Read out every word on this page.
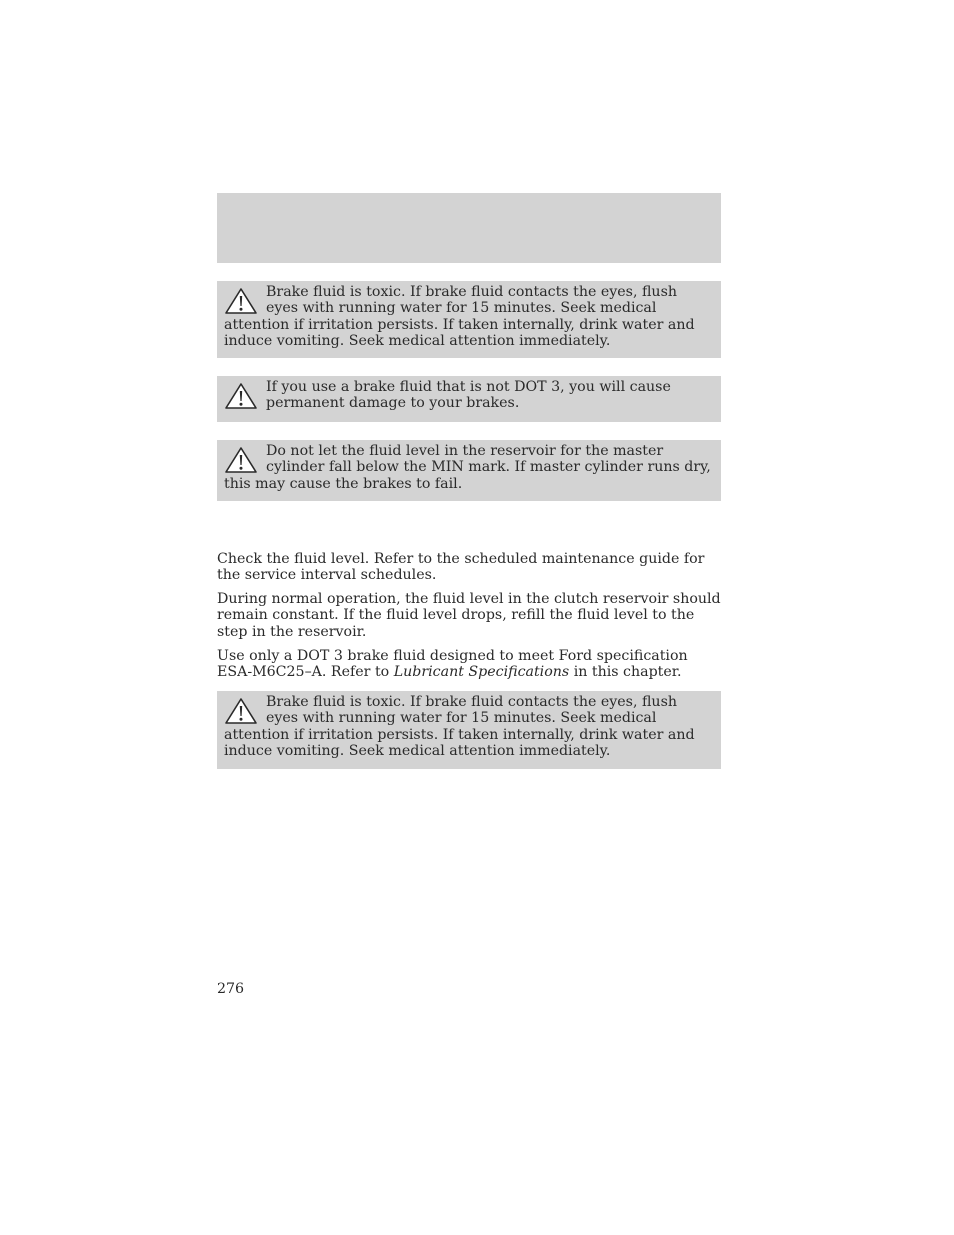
Brake fluid is toxic. If brake fluid contacts the eyes, flush eyes with running water for 15 minutes. Seek medical attention if irritation persists. If taken internally, drink water and induce vomiting. Seek medical attention immediately.
If you use a brake fluid that is not DOT 3, you will cause permanent damage to your brakes.
Do not let the fluid level in the reservoir for the master cylinder fall below the MIN mark. If master cylinder runs dry, this may cause the brakes to fail.

Check the fluid level. Refer to the scheduled maintenance guide for the service interval schedules.

During normal operation, the fluid level in the clutch reservoir should remain constant. If the fluid level drops, refill the fluid level to the step in the reservoir.

Use only a DOT 3 brake fluid designed to meet Ford specification ESA-M6C25–A. Refer to Lubricant Specifications in this chapter.

Brake fluid is toxic. If brake fluid contacts the eyes, flush eyes with running water for 15 minutes. Seek medical attention if irritation persists. If taken internally, drink water and induce vomiting. Seek medical attention immediately.
276
